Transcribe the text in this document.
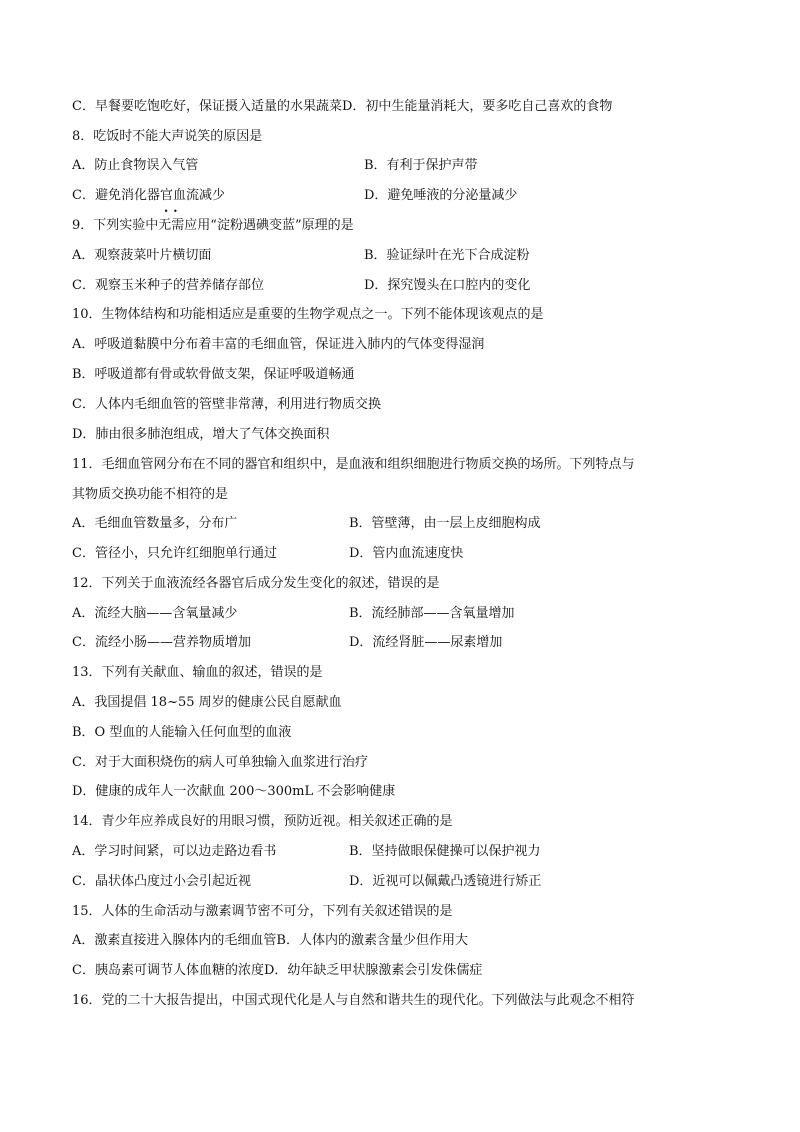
C．早餐要吃饱吃好，保证摄入适量的水果蔬菜D．初中生能量消耗大，要多吃自己喜欢的食物
8．吃饭时不能大声说笑的原因是
A．防止食物误入气管	B．有利于保护声带
C．避免消化器官血流减少	D．避免唾液的分泌量减少
9．下列实验中• • 无需应用“淀粉遇碘变蓝”原理的是
A．观察菠菜叶片横切面	B．验证绿叶在光下合成淀粉
C．观察玉米种子的营养储存部位	D．探究馒头在口腔内的变化
10．生物体结构和功能相适应是重要的生物学观点之一。下列不能体现该观点的是
A．呼吸道黏膜中分布着丰富的毛细血管，保证进入肺内的气体变得湿润
B．呼吸道都有骨或软骨做支架，保证呼吸道畅通
C．人体内毛细血管的管壁非常薄，利用进行物质交换
D．肺由很多肺泡组成，增大了气体交换面积
11．毛细血管网分布在不同的器官和组织中，是血液和组织细胞进行物质交换的场所。下列特点与
其物质交换功能不相符的是
A．毛细血管数量多，分布广	B．管壁薄，由一层上皮细胞构成
C．管径小，只允许红细胞单行通过	D．管内血流速度快
12．下列关于血液流经各器官后成分发生变化的叙述，错误的是
A．流经大脑——含氧量减少	B．流经肺部——含氧量增加
C．流经小肠——营养物质增加	D．流经肾脏——尿素增加
13．下列有关献血、输血的叙述，错误的是
A．我国提倡 18~55 周岁的健康公民自愿献血
B．O 型血的人能输入任何血型的血液
C．对于大面积烧伤的病人可单独输入血浆进行治疗
D．健康的成年人一次献血 200～300mL 不会影响健康
14．青少年应养成良好的用眼习惯，预防近视。相关叙述正确的是
A．学习时间紧，可以边走路边看书	B．坚持做眼保健操可以保护视力
C．晶状体凸度过小会引起近视	D．近视可以佩戴凸透镜进行矫正
15．人体的生命活动与激素调节密不可分，下列有关叙述错误的是
A．激素直接进入腺体内的毛细血管B．人体内的激素含量少但作用大
C．胰岛素可调节人体血糖的浓度D．幼年缺乏甲状腺激素会引发侏儒症
16．党的二十大报告提出，中国式现代化是人与自然和谐共生的现代化。下列做法与此观念不相符
